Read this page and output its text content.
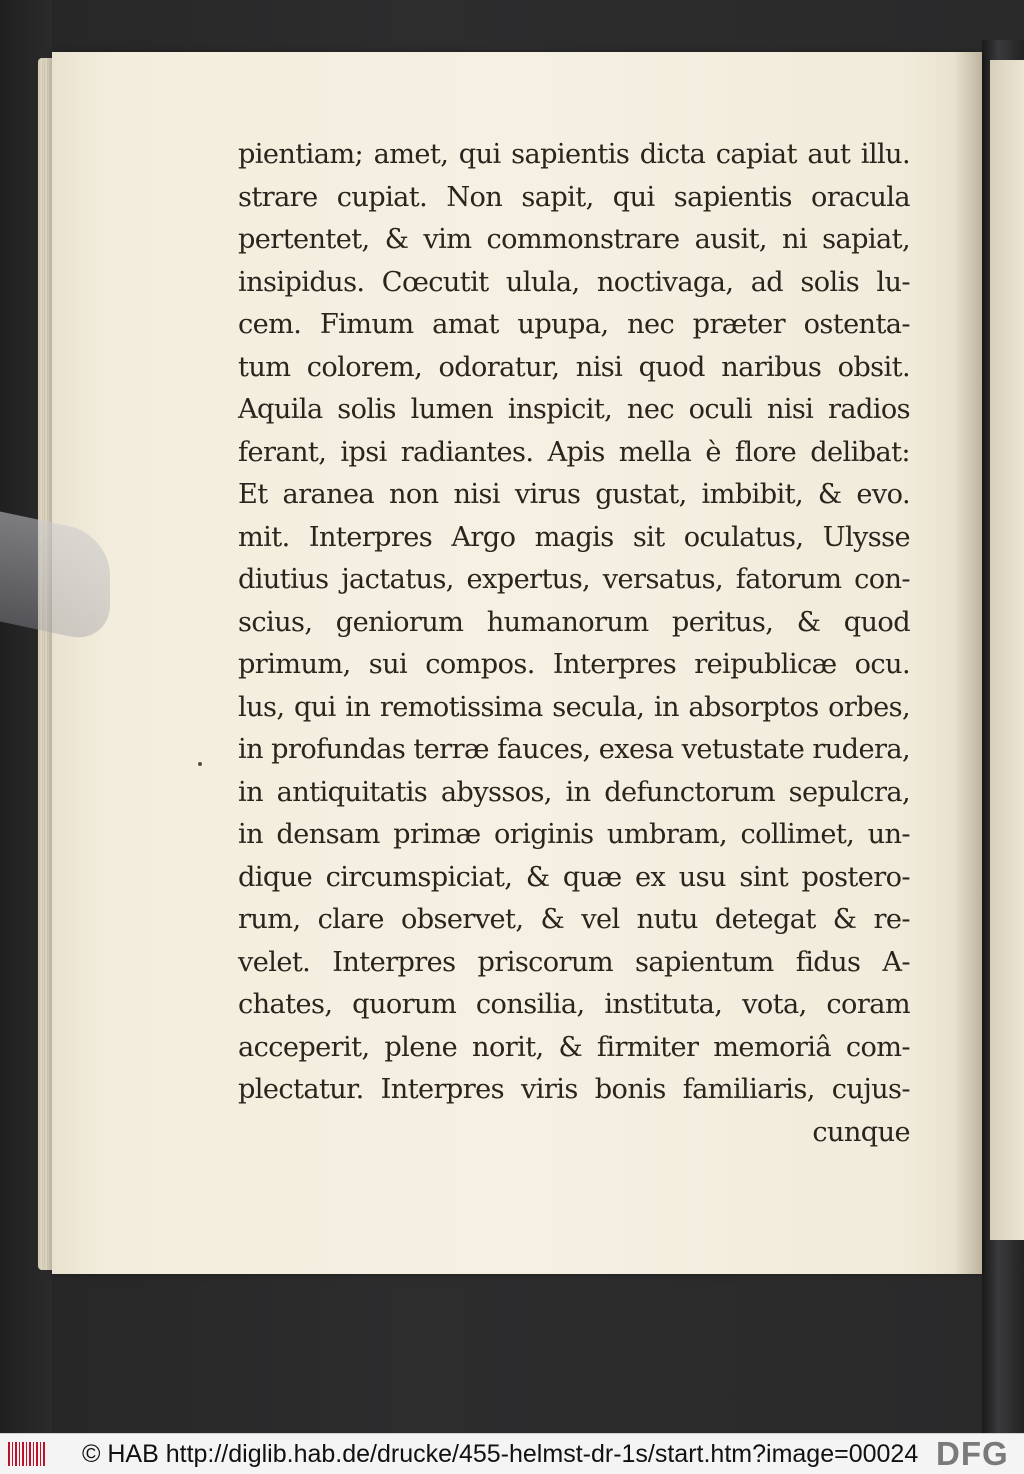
pientiam; amet, qui sapientis dicta capiat aut illu.
strare cupiat. Non sapit, qui sapientis oracula
pertentet, & vim commonstrare ausit, ni sapiat,
insipidus. Cœcutit ulula, noctivaga, ad solis lu-
cem. Fimum amat upupa, nec præter ostenta-
tum colorem, odoratur, nisi quod naribus obsit.
Aquila solis lumen inspicit, nec oculi nisi radios
ferant, ipsi radiantes. Apis mella è flore delibat:
Et aranea non nisi virus gustat, imbibit, & evo.
mit. Interpres Argo magis sit oculatus, Ulysse
diutius jactatus, expertus, versatus, fatorum con-
scius, geniorum humanorum peritus, & quod
primum, sui compos. Interpres reipublicæ ocu.
lus, qui in remotissima secula, in absorptos orbes,
in profundas terræ fauces, exesa vetustate rudera,
in antiquitatis abyssos, in defunctorum sepulcra,
in densam primæ originis umbram, collimet, un-
dique circumspiciat, & quæ ex usu sint postero-
rum, clare observet, & vel nutu detegat & re-
velet. Interpres priscorum sapientum fidus A-
chates, quorum consilia, instituta, vota, coram
acceperit, plene norit, & firmiter memoriâ com-
plectatur. Interpres viris bonis familiaris, cujus-
cunque
© HAB http://diglib.hab.de/drucke/455-helmst-dr-1s/start.htm?image=00024 DFG
